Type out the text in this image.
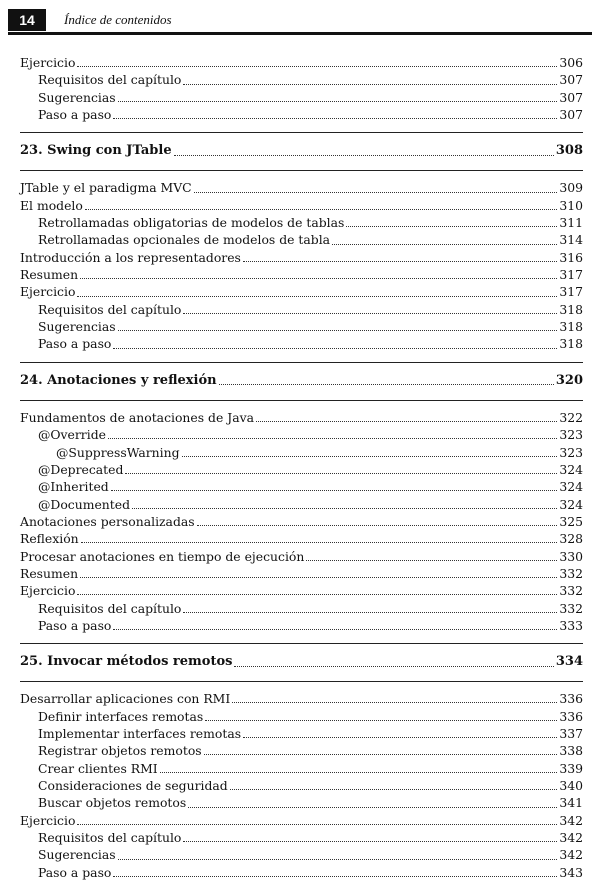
14	Índice de contenidos
Ejercicio	306
Requisitos del capítulo	307
Sugerencias	307
Paso a paso	307
23. Swing con JTable	308
JTable y el paradigma MVC	309
El modelo	310
Retrollamadas obligatorias de modelos de tablas	311
Retrollamadas opcionales de modelos de tabla	314
Introducción a los representadores	316
Resumen	317
Ejercicio	317
Requisitos del capítulo	318
Sugerencias	318
Paso a paso	318
24. Anotaciones y reflexión	320
Fundamentos de anotaciones de Java	322
@Override	323
@SuppressWarning	323
@Deprecated	324
@Inherited	324
@Documented	324
Anotaciones personalizadas	325
Reflexión	328
Procesar anotaciones en tiempo de ejecución	330
Resumen	332
Ejercicio	332
Requisitos del capítulo	332
Paso a paso	333
25. Invocar métodos remotos	334
Desarrollar aplicaciones con RMI	336
Definir interfaces remotas	336
Implementar interfaces remotas	337
Registrar objetos remotos	338
Crear clientes RMI	339
Consideraciones de seguridad	340
Buscar objetos remotos	341
Ejercicio	342
Requisitos del capítulo	342
Sugerencias	342
Paso a paso	343
